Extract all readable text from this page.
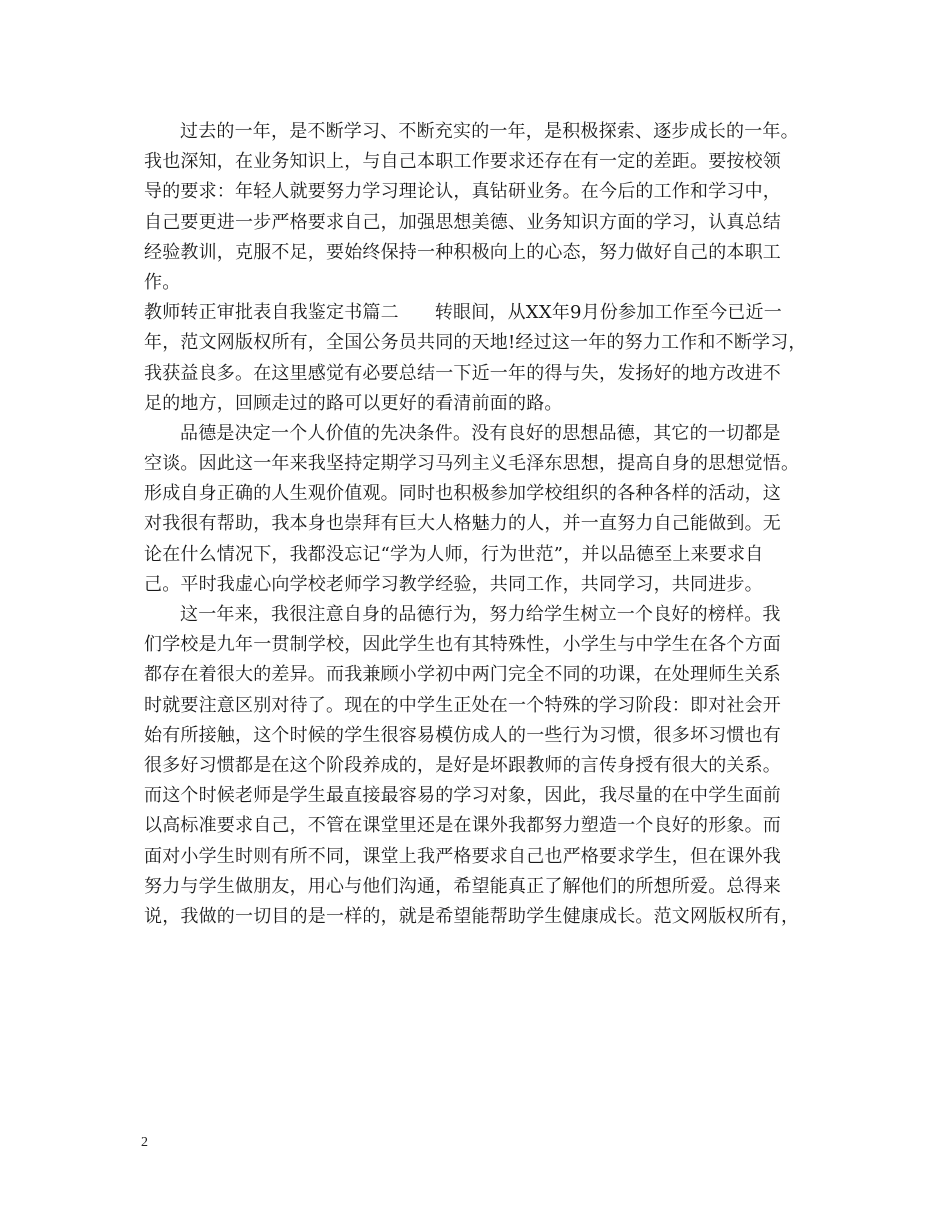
过去的一年，是不断学习、不断充实的一年，是积极探索、逐步成长的一年。
我也深知，在业务知识上，与自己本职工作要求还存在有一定的差距。要按校领
导的要求：年轻人就要努力学习理论认，真钻研业务。在今后的工作和学习中，
自己要更进一步严格要求自己，加强思想美德、业务知识方面的学习，认真总结
经验教训，克服不足，要始终保持一种积极向上的心态，努力做好自己的本职工
作。
教师转正审批表自我鉴定书篇二 转眼间，从XX年9月份参加工作至今已近一
年，范文网版权所有，全国公务员共同的天地!经过这一年的努力工作和不断学习，
我获益良多。在这里感觉有必要总结一下近一年的得与失，发扬好的地方改进不
足的地方，回顾走过的路可以更好的看清前面的路。
品德是决定一个人价值的先决条件。没有良好的思想品德，其它的一切都是
空谈。因此这一年来我坚持定期学习马列主义毛泽东思想，提高自身的思想觉悟。
形成自身正确的人生观价值观。同时也积极参加学校组织的各种各样的活动，这
对我很有帮助，我本身也崇拜有巨大人格魅力的人，并一直努力自己能做到。无
论在什么情况下，我都没忘记“学为人师，行为世范”，并以品德至上来要求自
己。平时我虚心向学校老师学习教学经验，共同工作，共同学习，共同进步。
这一年来，我很注意自身的品德行为，努力给学生树立一个良好的榜样。我
们学校是九年一贯制学校，因此学生也有其特殊性，小学生与中学生在各个方面
都存在着很大的差异。而我兼顾小学初中两门完全不同的功课，在处理师生关系
时就要注意区别对待了。现在的中学生正处在一个特殊的学习阶段：即对社会开
始有所接触，这个时候的学生很容易模仿成人的一些行为习惯，很多坏习惯也有
很多好习惯都是在这个阶段养成的，是好是坏跟教师的言传身授有很大的关系。
而这个时候老师是学生最直接最容易的学习对象，因此，我尽量的在中学生面前
以高标准要求自己，不管在课堂里还是在课外我都努力塑造一个良好的形象。而
面对小学生时则有所不同，课堂上我严格要求自己也严格要求学生，但在课外我
努力与学生做朋友，用心与他们沟通，希望能真正了解他们的所想所爱。总得来
说，我做的一切目的是一样的，就是希望能帮助学生健康成长。范文网版权所有，
2
